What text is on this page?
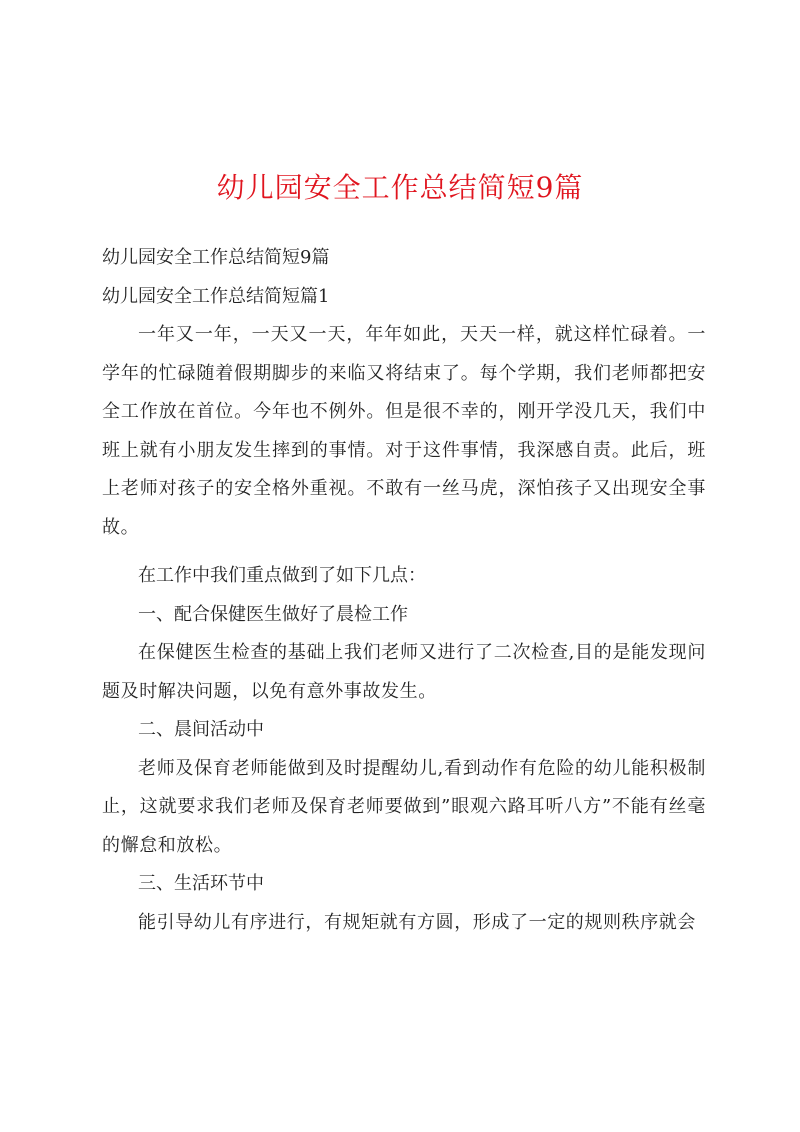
幼儿园安全工作总结简短9篇

幼儿园安全工作总结简短9篇

幼儿园安全工作总结简短篇1

一年又一年，一天又一天，年年如此，天天一样，就这样忙碌着。一学年的忙碌随着假期脚步的来临又将结束了。每个学期，我们老师都把安全工作放在首位。今年也不例外。但是很不幸的，刚开学没几天，我们中班上就有小朋友发生摔到的事情。对于这件事情，我深感自责。此后，班上老师对孩子的安全格外重视。不敢有一丝马虎，深怕孩子又出现安全事故。

在工作中我们重点做到了如下几点：

一、配合保健医生做好了晨检工作

在保健医生检查的基础上我们老师又进行了二次检查,目的是能发现问题及时解决问题，以免有意外事故发生。

二、晨间活动中

老师及保育老师能做到及时提醒幼儿,看到动作有危险的幼儿能积极制止，这就要求我们老师及保育老师要做到”眼观六路耳听八方”不能有丝毫的懈怠和放松。

三、生活环节中

能引导幼儿有序进行，有规矩就有方圆，形成了一定的规则秩序就会
